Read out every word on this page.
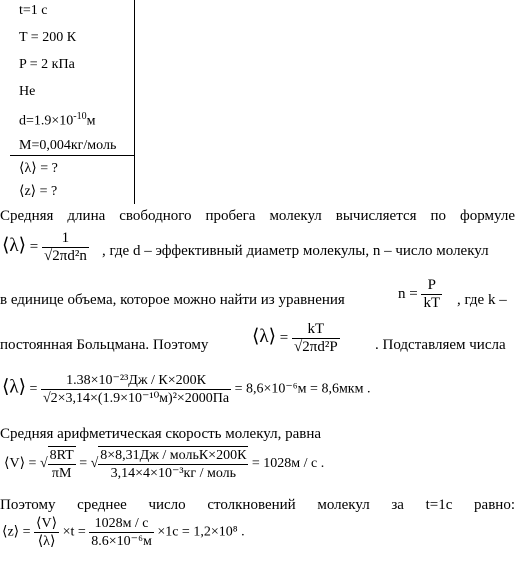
t=1 с
T = 200 К
P = 2 кПа
He
$d=1.9\times 10^{-10}м$
M=0,004кг/моль
⟨λ⟩ = ?
⟨z⟩ = ?
Средняя длина свободного пробега молекул вычисляется по формуле
⟨λ⟩ = $\frac{1}{\text{√2πd²n}}$ , где d – эффективный диаметр молекулы, n – число молекул
в единице объема, которое можно найти из уравнения	$n = \frac{P}{kT}$ , где k –
постоянная Больцмана. Поэтому ⟨λ⟩ = $\frac{kT}{\text{√2πd²P}}$ . Подставляем числа
⟨λ⟩ = $\frac{\text{1.38×10⁻²³Дж / К×200К}}{\text{√2×3,14×(1.9×10⁻¹⁰м)²×2000Па}} = 8,6\times 10^{-6}м = 8,6мкм$ .
Средняя арифметическая скорость молекул, равна
⟨V⟩ = √ $\frac{8RT}{\pi M}$ = √ $\frac{\text{8×8,31Дж / мольК×200К}}{\text{3,14×4×10⁻³кг / моль}} = 1028м / с$ .
Поэтому среднее число столкновений молекул за t=1с равно:
⟨z⟩ = $\frac{⟨V⟩}{⟨\lambda⟩} \times t = \frac{1028м / с}{\text{8.6×10⁻⁶м}} \times 1с = 1,2\times 10^8$ .
